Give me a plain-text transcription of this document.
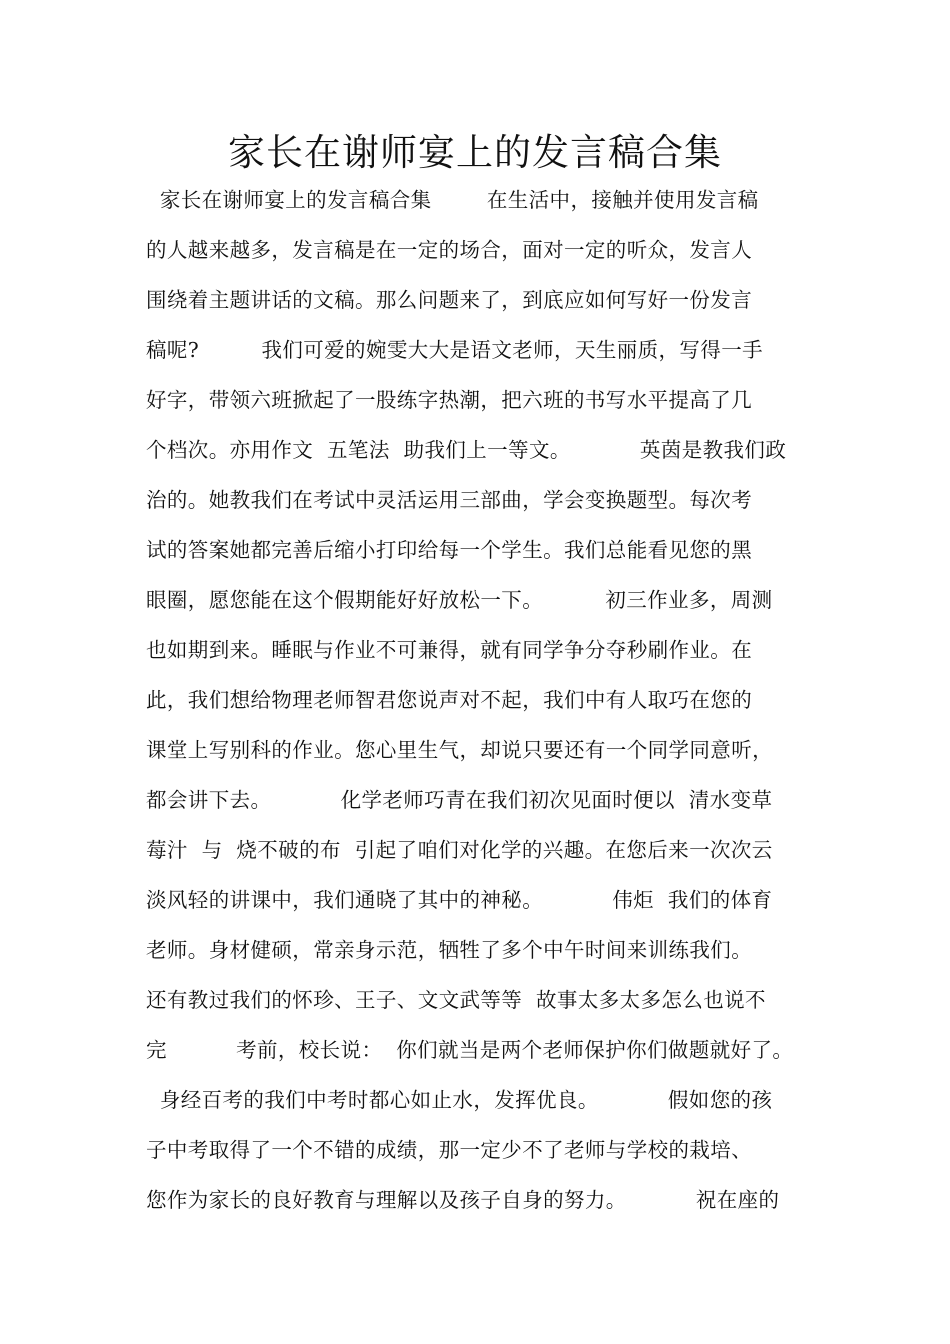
家长在谢师宴上的发言稿合集
家长在谢师宴上的发言稿合集        在生活中，接触并使用发言稿
的人越来越多，发言稿是在一定的场合，面对一定的听众，发言人
围绕着主题讲话的文稿。那么问题来了，到底应如何写好一份发言
稿呢?         我们可爱的婉雯大大是语文老师，天生丽质，写得一手
好字，带领六班掀起了一股练字热潮，把六班的书写水平提高了几
个档次。亦用作文  五笔法  助我们上一等文。          英茵是教我们政
治的。她教我们在考试中灵活运用三部曲，学会变换题型。每次考
试的答案她都完善后缩小打印给每一个学生。我们总能看见您的黑
眼圈，愿您能在这个假期能好好放松一下。         初三作业多，周测
也如期到来。睡眠与作业不可兼得，就有同学争分夺秒刷作业。在
此，我们想给物理老师智君您说声对不起，我们中有人取巧在您的
课堂上写别科的作业。您心里生气，却说只要还有一个同学同意听，
都会讲下去。          化学老师巧青在我们初次见面时便以  清水变草
莓汁  与  烧不破的布  引起了咱们对化学的兴趣。在您后来一次次云
淡风轻的讲课中，我们通晓了其中的神秘。          伟炬  我们的体育
老师。身材健硕，常亲身示范，牺牲了多个中午时间来训练我们。
还有教过我们的怀珍、王子、文文武等等  故事太多太多怎么也说不
完          考前，校长说：  你们就当是两个老师保护你们做题就好了。
身经百考的我们中考时都心如止水，发挥优良。          假如您的孩
子中考取得了一个不错的成绩，那一定少不了老师与学校的栽培、
您作为家长的良好教育与理解以及孩子自身的努力。          祝在座的
